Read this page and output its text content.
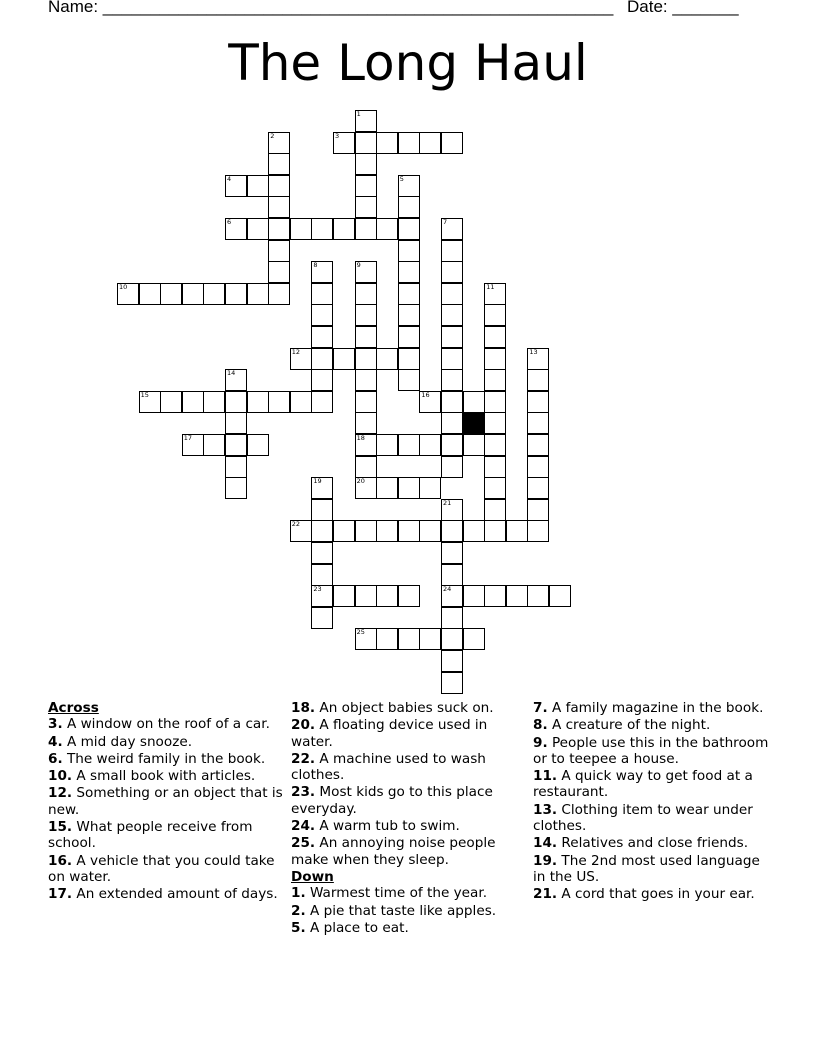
Name: ______________________________________________________ Date: _______
The Long Haul
1
2	3
4	5
6	7
8	9
10	11
12	13
14
15	16
17	18
19	20
21
22
23	24
25
Across
3. A window on the roof of a car.
4. A mid day snooze.
6. The weird family in the book.
10. A small book with articles.
12. Something or an object that is new.
15. What people receive from school.
16. A vehicle that you could take on water.
17. An extended amount of days.
18. An object babies suck on.
20. A floating device used in water.
22. A machine used to wash clothes.
23. Most kids go to this place everyday.
24. A warm tub to swim.
25. An annoying noise people make when they sleep.
Down
1. Warmest time of the year.
2. A pie that taste like apples.
5. A place to eat.
7. A family magazine in the book.
8. A creature of the night.
9. People use this in the bathroom or to teepee a house.
11. A quick way to get food at a restaurant.
13. Clothing item to wear under clothes.
14. Relatives and close friends.
19. The 2nd most used language in the US.
21. A cord that goes in your ear.
